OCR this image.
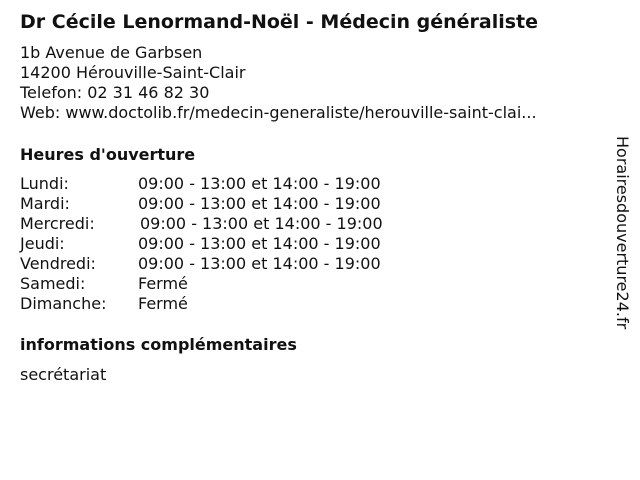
Dr Cécile Lenormand-Noël - Médecin généraliste
1b Avenue de Garbsen
14200 Hérouville-Saint-Clair
Telefon: 02 31 46 82 30
Web: www.doctolib.fr/medecin-generaliste/herouville-saint-clai...
Heures d'ouverture
Lundi:	09:00 - 13:00 et 14:00 - 19:00
Mardi:	09:00 - 13:00 et 14:00 - 19:00
Mercredi:	09:00 - 13:00 et 14:00 - 19:00
Jeudi:	09:00 - 13:00 et 14:00 - 19:00
Vendredi:	09:00 - 13:00 et 14:00 - 19:00
Samedi:	Fermé
Dimanche: Fermé
informations complémentaires
secrétariat
Horairesdouverture24.fr
